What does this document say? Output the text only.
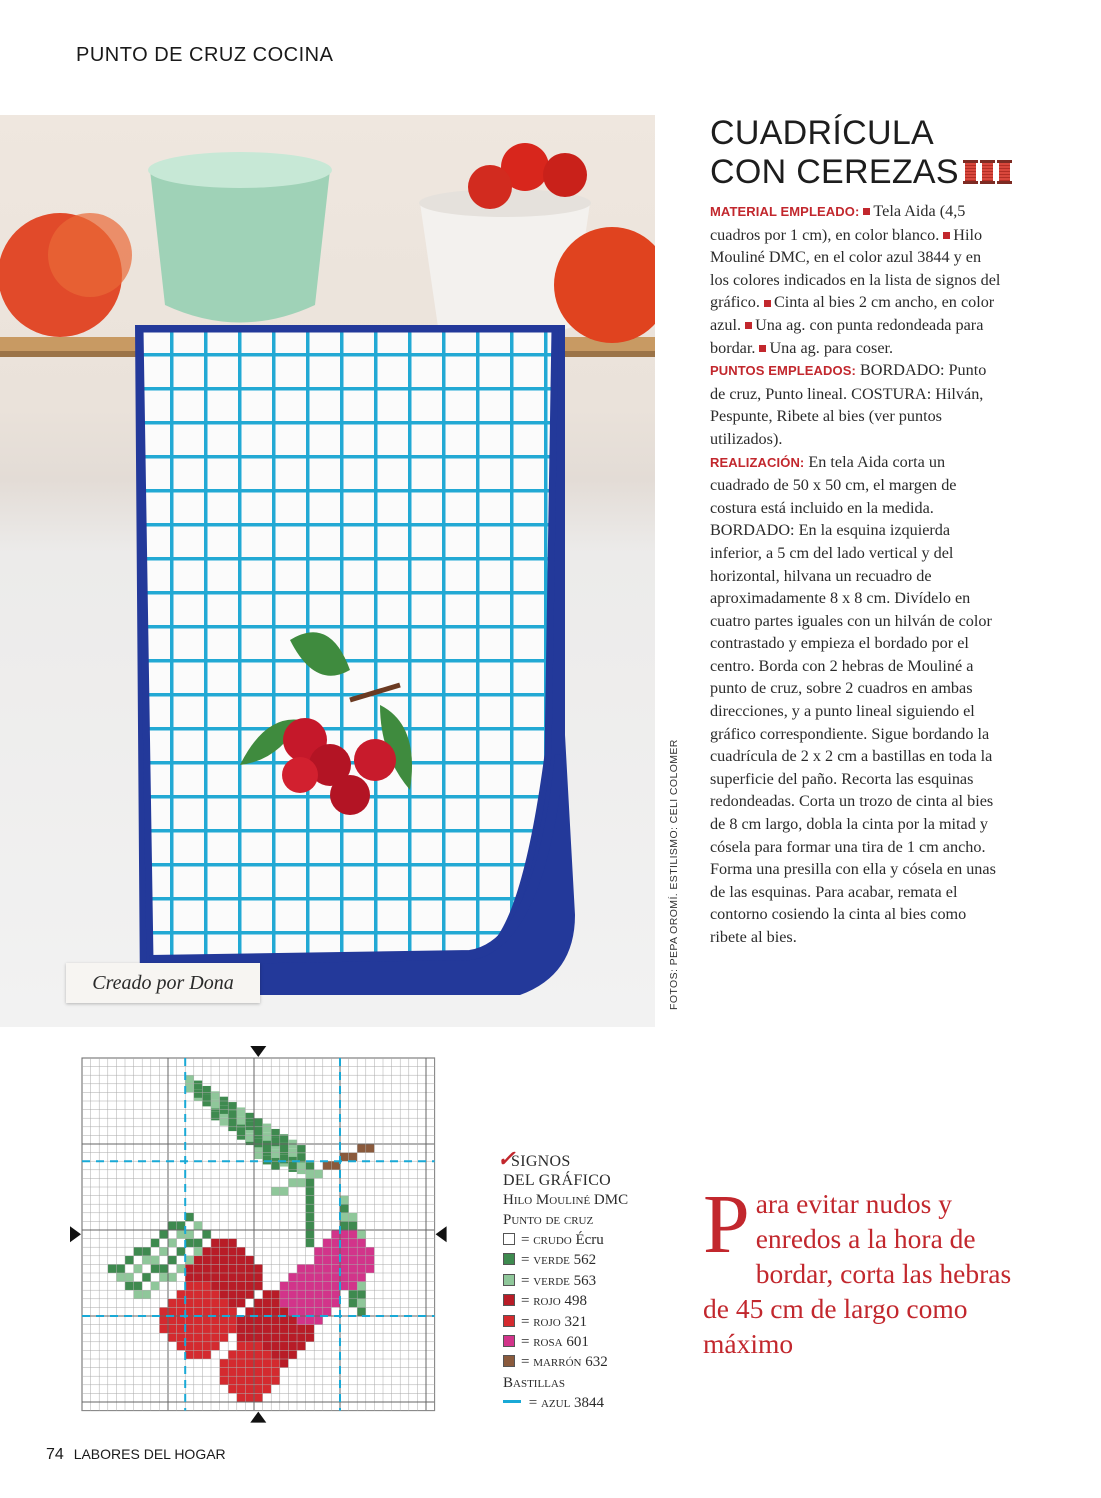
PUNTO DE CRUZ COCINA
Creado por Dona	FOTOS: PEPA OROMÍ. ESTILISMO: CELI COLOMER
CUADRÍCULA
CON CEREZAS

MATERIAL EMPLEADO: Tela Aida (4,5 cuadros por 1 cm), en color blanco. Hilo Mouliné DMC, en el color azul 3844 y en los colores indicados en la lista de signos del gráfico. Cinta al bies 2 cm ancho, en color azul. Una ag. con punta redondeada para bordar. Una ag. para coser.

PUNTOS EMPLEADOS: BORDADO: Punto de cruz, Punto lineal. COSTURA: Hilván, Pespunte, Ribete al bies (ver puntos utilizados).

REALIZACIÓN: En tela Aida corta un cuadrado de 50 x 50 cm, el margen de costura está incluido en la medida. BORDADO: En la esquina izquierda inferior, a 5 cm del lado vertical y del horizontal, hilvana un recuadro de aproximadamente 8 x 8 cm. Divídelo en cuatro partes iguales con un hilván de color contrastado y empieza el bordado por el centro. Borda con 2 hebras de Mouliné a punto de cruz, sobre 2 cuadros en ambas direcciones, y a punto lineal siguiendo el gráfico correspondiente. Sigue bordando la cuadrícula de 2 x 2 cm a bastillas en toda la superficie del paño. Recorta las esquinas redondeadas. Corta un trozo de cinta al bies de 8 cm largo, dobla la cinta por la mitad y cósela para formar una tira de 1 cm ancho. Forma una presilla con ella y cósela en unas de las esquinas. Para acabar, remata el contorno cosiendo la cinta al bies como ribete al bies.

✓
SIGNOS
DEL GRÁFICO
Hilo Mouliné DMC
Punto de cruz
= crudo Écru
= verde 562
= verde 563
= rojo 498
= rojo 321
= rosa 601
= marrón 632
Bastillas
= azul 3844
P ara evitar nudos y enredos a la hora de bordar, corta las hebras de 45 cm de largo como máximo
74 LABORES DEL HOGAR
